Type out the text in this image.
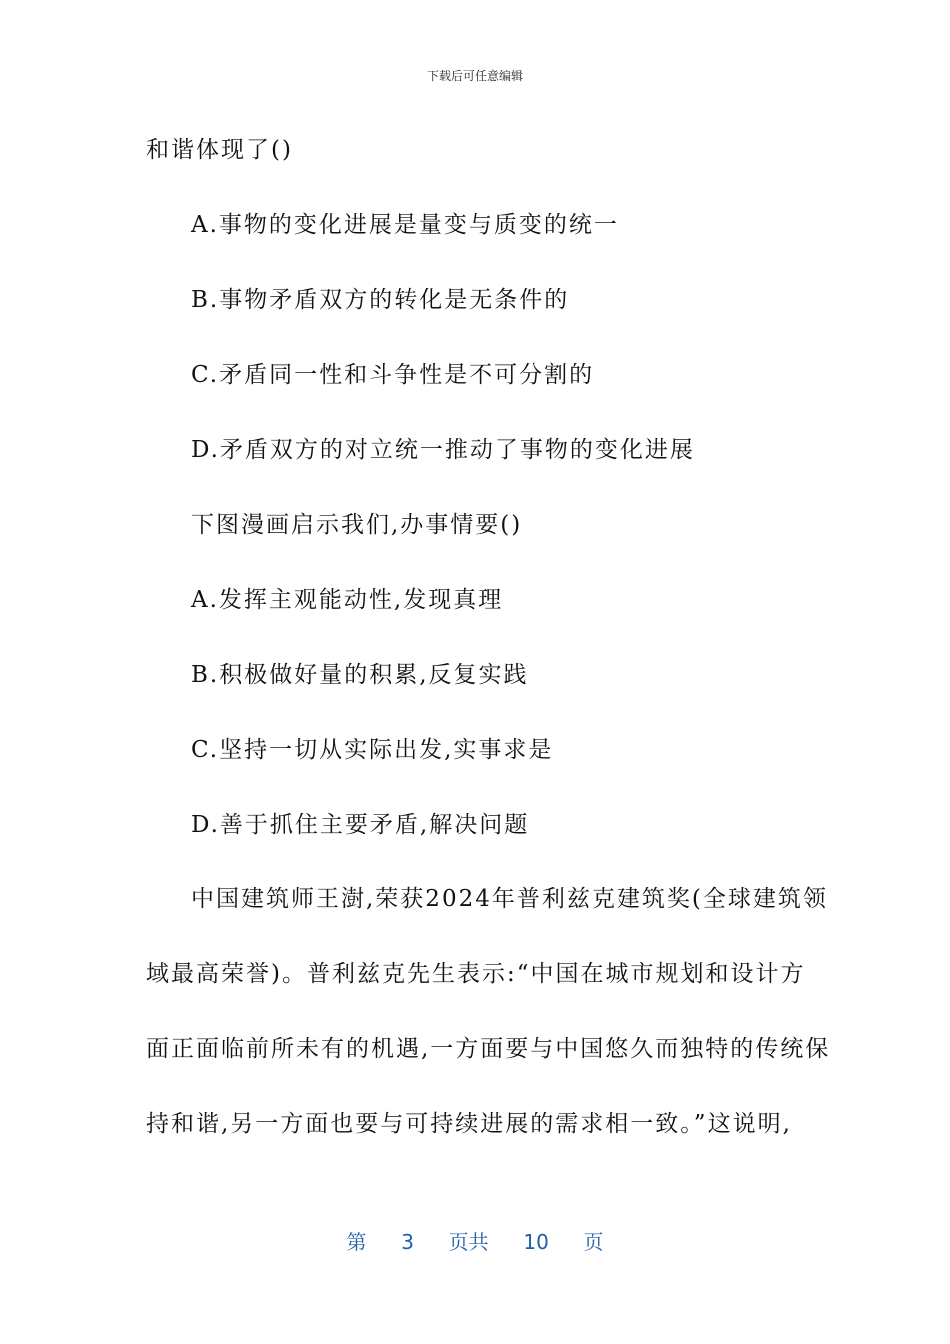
下载后可任意编辑
和谐体现了()
A.事物的变化进展是量变与质变的统一
B.事物矛盾双方的转化是无条件的
C.矛盾同一性和斗争性是不可分割的
D.矛盾双方的对立统一推动了事物的变化进展
下图漫画启示我们,办事情要()
A.发挥主观能动性,发现真理
B.积极做好量的积累,反复实践
C.坚持一切从实际出发,实事求是
D.善于抓住主要矛盾,解决问题
中国建筑师王澍,荣获2024年普利兹克建筑奖(全球建筑领
域最高荣誉)。普利兹克先生表示:“中国在城市规划和设计方
面正面临前所未有的机遇,一方面要与中国悠久而独特的传统保
持和谐,另一方面也要与可持续进展的需求相一致。”这说明,
第 3 页共 10 页
